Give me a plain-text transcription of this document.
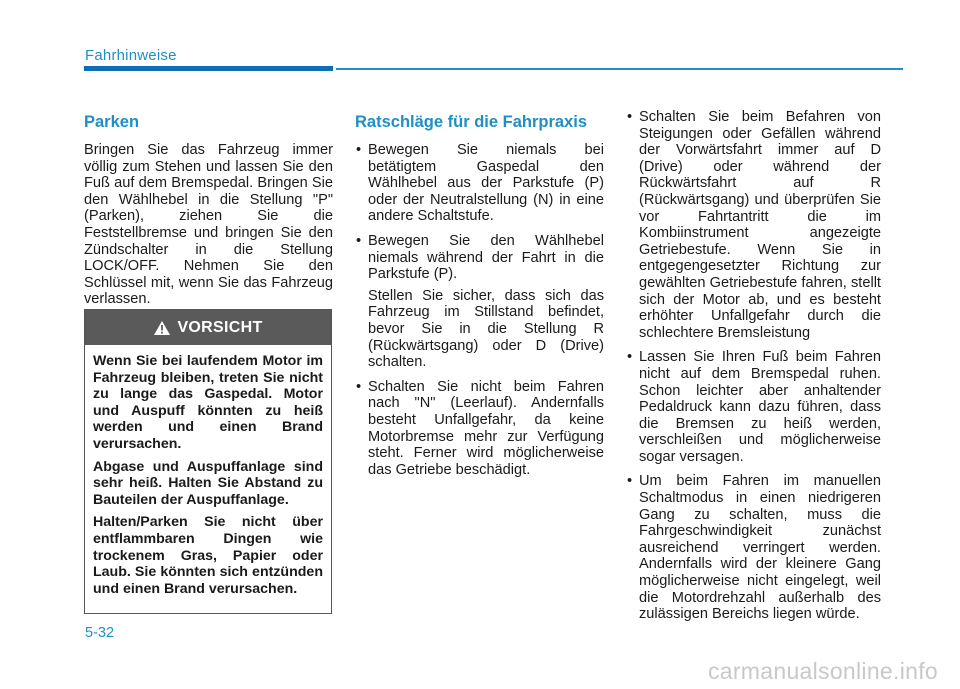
Fahrhinweise
Parken

Bringen Sie das Fahrzeug immer völlig zum Stehen und lassen Sie den Fuß auf dem Bremspedal. Bringen Sie den Wählhebel in die Stellung "P" (Parken), ziehen Sie die Feststellbremse und bringen Sie den Zündschalter in die Stellung LOCK/OFF. Nehmen Sie den Schlüssel mit, wenn Sie das Fahrzeug verlassen.

VORSICHT

Wenn Sie bei laufendem Motor im Fahrzeug bleiben, treten Sie nicht zu lange das Gaspedal. Motor und Auspuff könnten zu heiß werden und einen Brand verursachen.

Abgase und Auspuffanlage sind sehr heiß. Halten Sie Abstand zu Bauteilen der Auspuffanlage.

Halten/Parken Sie nicht über entflammbaren Dingen wie trockenem Gras, Papier oder Laub. Sie könnten sich entzünden und einen Brand verursachen.

Ratschläge für die Fahrpraxis
• Bewegen Sie niemals bei betätigtem Gaspedal den Wählhebel aus der Parkstufe (P) oder der Neutralstellung (N) in eine andere Schaltstufe.
• Bewegen Sie den Wählhebel niemals während der Fahrt in die Parkstufe (P).
Stellen Sie sicher, dass sich das Fahrzeug im Stillstand befindet, bevor Sie in die Stellung R (Rückwärtsgang) oder D (Drive) schalten.
• Schalten Sie nicht beim Fahren nach "N" (Leerlauf). Andernfalls besteht Unfallgefahr, da keine Motorbremse mehr zur Verfügung steht. Ferner wird möglicherweise das Getriebe beschädigt.
• Schalten Sie beim Befahren von Steigungen oder Gefällen während der Vorwärtsfahrt immer auf D (Drive) oder während der Rückwärtsfahrt auf R (Rückwärtsgang) und überprüfen Sie vor Fahrtantritt die im Kombiinstrument angezeigte Getriebestufe. Wenn Sie in entgegengesetzter Richtung zur gewählten Getriebestufe fahren, stellt sich der Motor ab, und es besteht erhöhter Unfallgefahr durch die schlechtere Bremsleistung
• Lassen Sie Ihren Fuß beim Fahren nicht auf dem Bremspedal ruhen. Schon leichter aber anhaltender Pedaldruck kann dazu führen, dass die Bremsen zu heiß werden, verschleißen und möglicherweise sogar versagen.
• Um beim Fahren im manuellen Schaltmodus in einen niedrigeren Gang zu schalten, muss die Fahrgeschwindigkeit zunächst ausreichend verringert werden. Andernfalls wird der kleinere Gang möglicherweise nicht eingelegt, weil die Motordrehzahl außerhalb des zulässigen Bereichs liegen würde.
5-32
carmanualsonline.info
